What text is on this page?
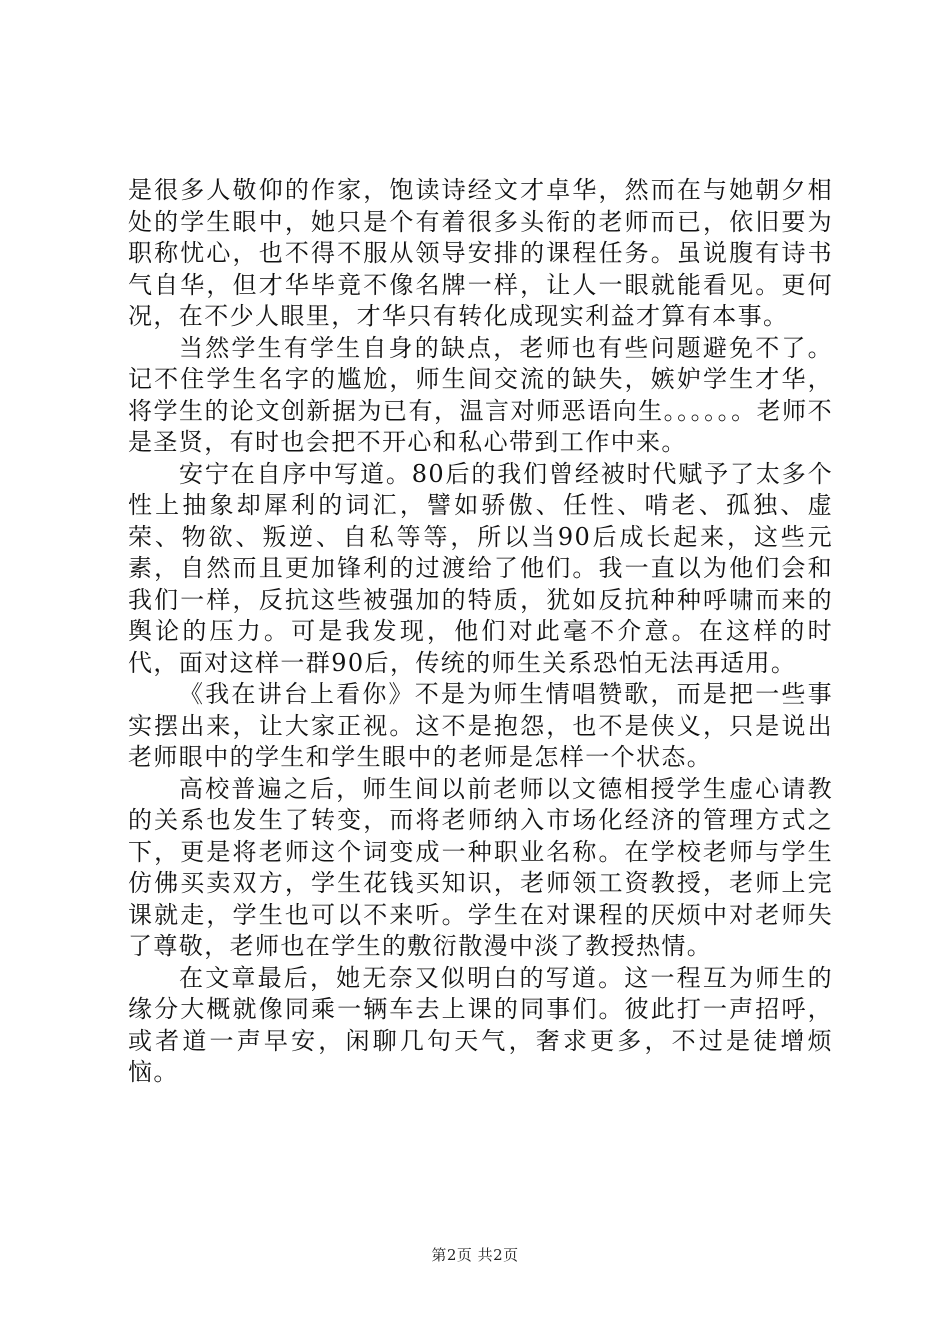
是很多人敬仰的作家，饱读诗经文才卓华，然而在与她朝夕相处的学生眼中，她只是个有着很多头衔的老师而已，依旧要为职称忧心，也不得不服从领导安排的课程任务。虽说腹有诗书气自华，但才华毕竟不像名牌一样，让人一眼就能看见。更何况，在不少人眼里，才华只有转化成现实利益才算有本事。

当然学生有学生自身的缺点，老师也有些问题避免不了。记不住学生名字的尴尬，师生间交流的缺失，嫉妒学生才华，将学生的论文创新据为已有，温言对师恶语向生。。。。。。老师不是圣贤，有时也会把不开心和私心带到工作中来。

安宁在自序中写道。80后的我们曾经被时代赋予了太多个性上抽象却犀利的词汇，譬如骄傲、任性、啃老、孤独、虚荣、物欲、叛逆、自私等等，所以当90后成长起来，这些元素，自然而且更加锋利的过渡给了他们。我一直以为他们会和我们一样，反抗这些被强加的特质，犹如反抗种种呼啸而来的舆论的压力。可是我发现，他们对此毫不介意。在这样的时代，面对这样一群90后，传统的师生关系恐怕无法再适用。

《我在讲台上看你》不是为师生情唱赞歌，而是把一些事实摆出来，让大家正视。这不是抱怨，也不是侠义，只是说出老师眼中的学生和学生眼中的老师是怎样一个状态。

高校普遍之后，师生间以前老师以文德相授学生虚心请教的关系也发生了转变，而将老师纳入市场化经济的管理方式之下，更是将老师这个词变成一种职业名称。在学校老师与学生仿佛买卖双方，学生花钱买知识，老师领工资教授，老师上完课就走，学生也可以不来听。学生在对课程的厌烦中对老师失了尊敬，老师也在学生的敷衍散漫中淡了教授热情。

在文章最后，她无奈又似明白的写道。这一程互为师生的缘分大概就像同乘一辆车去上课的同事们。彼此打一声招呼，或者道一声早安，闲聊几句天气，奢求更多，不过是徒增烦恼。

第2页 共2页
